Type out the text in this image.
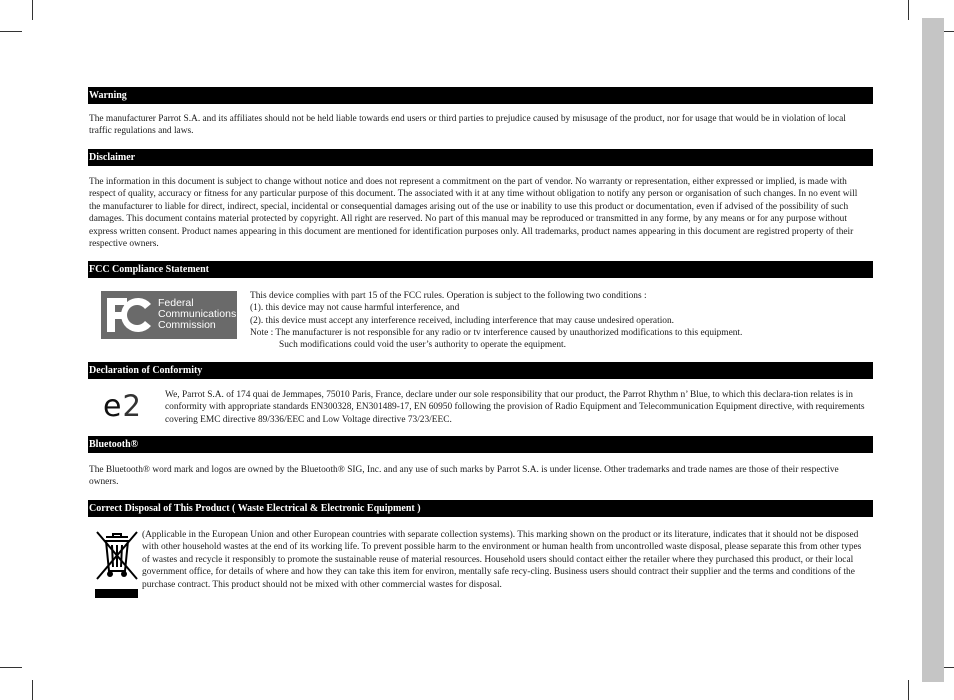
Warning

The manufacturer Parrot S.A. and its affiliates should not be held liable towards end users or third parties to prejudice caused by misusage of the product, nor for usage that would be in violation of local traffic regulations and laws.

Disclaimer

The information in this document is subject to change without notice and does not represent a commitment on the part of vendor. No warranty or representation, either expressed or implied, is made with respect of quality, accuracy or fitness for any particular purpose of this document. The associated with it at any time without obligation to notify any person or organisation of such changes. In no event will the manufacturer to liable for direct, indirect, special, incidental or consequential damages arising out of the use or inability to use this product or documentation, even if advised of the possibility of such damages. This document contains material protected by copyright. All right are reserved. No part of this manual may be reproduced or transmitted in any forme, by any means or for any purpose without express written consent. Product names appearing in this document are mentioned for identification purposes only. All trademarks, product names appearing in this document are registred property of their respective owners.

FCC Compliance Statement
Federal
Communications
Commission

This device complies with part 15 of the FCC rules. Operation is subject to the following two conditions :

(1). this device may not cause harmful interference, and

(2). this device must accept any interference received, including interference that may cause undesired operation.

Note : The manufacturer is not responsible for any radio or tv interference caused by unauthorized modifications to this equipment.

Such modifications could void the user’s authority to operate the equipment.

Declaration of Conformity
e2	We, Parrot S.A. of 174 quai de Jemmapes, 75010 Paris, France, declare under our sole responsibility that our product, the Parrot Rhythm n’ Blue, to which this declara-tion relates is in conformity with appropriate standards EN300328, EN301489-17, EN 60950 following the provision of Radio Equipment and Telecommunication Equipment directive, with requirements covering EMC directive 89/336/EEC and Low Voltage directive 73/23/EEC.

Bluetooth®

The Bluetooth® word mark and logos are owned by the Bluetooth® SIG, Inc. and any use of such marks by Parrot S.A. is under license. Other trademarks and trade names are those of their respective owners.

Correct Disposal of This Product ( Waste Electrical & Electronic Equipment )

(Applicable in the European Union and other European countries with separate collection systems). This marking shown on the product or its literature, indicates that it should not be disposed with other household wastes at the end of its working life. To prevent possible harm to the environment or human health from uncontrolled waste disposal, please separate this from other types of wastes and recycle it responsibly to promote the sustainable reuse of material resources. Household users should contact either the retailer where they purchased this product, or their local government office, for details of where and how they can take this item for environ, mentally safe recy-cling. Business users should contract their supplier and the terms and conditions of the purchase contract. This product should not be mixed with other commercial wastes for disposal.
